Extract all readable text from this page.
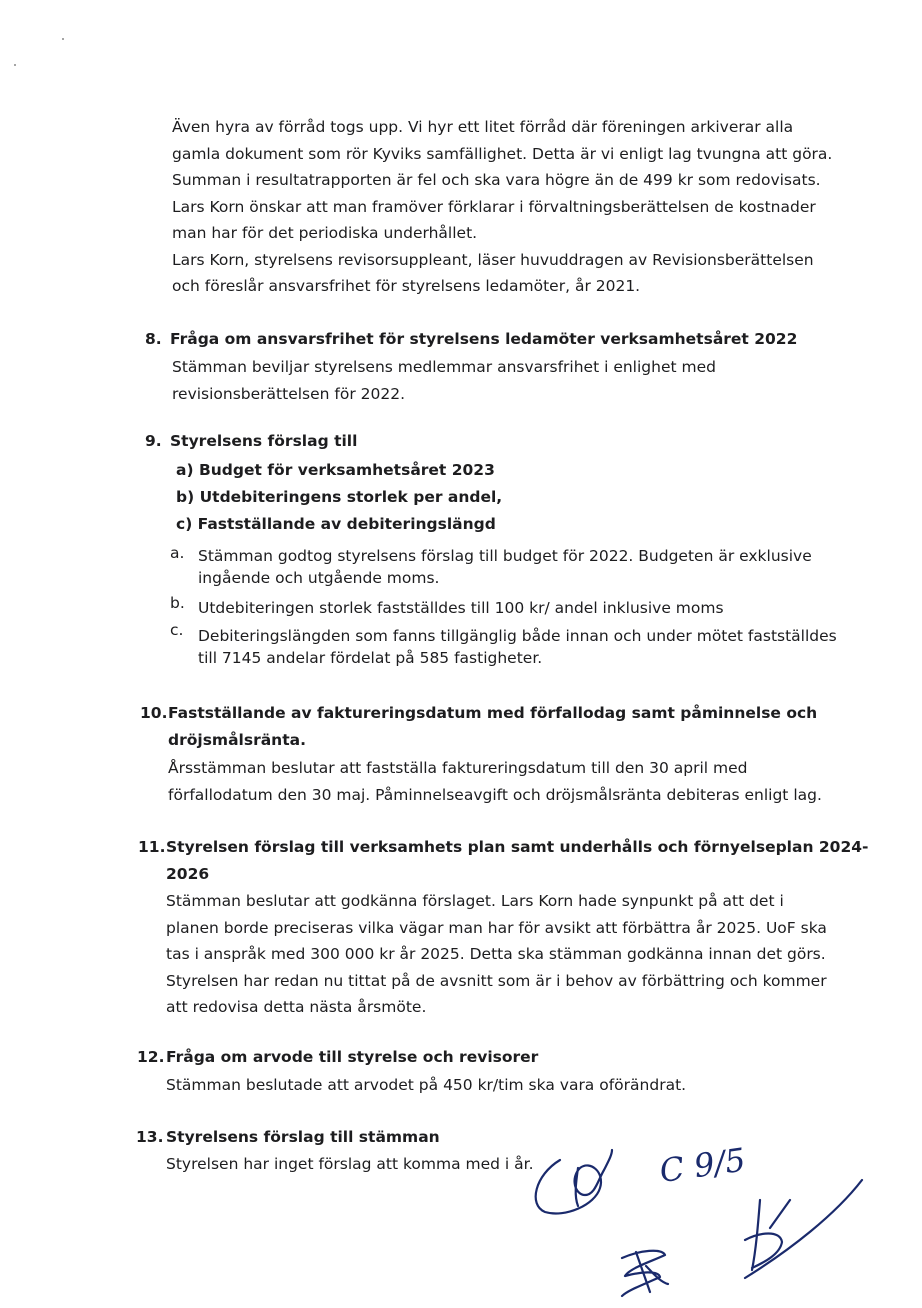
Även hyra av förråd togs upp. Vi hyr ett litet förråd där föreningen arkiverar alla
gamla dokument som rör Kyviks samfällighet. Detta är vi enligt lag tvungna att göra.
Summan i resultatrapporten är fel och ska vara högre än de 499 kr som redovisats.
Lars Korn önskar att man framöver förklarar i förvaltningsberättelsen de kostnader
man har för det periodiska underhållet.
Lars Korn, styrelsens revisorsuppleant, läser huvuddragen av Revisionsberättelsen
och föreslår ansvarsfrihet för styrelsens ledamöter, år 2021.
8. Fråga om ansvarsfrihet för styrelsens ledamöter verksamhetsåret 2022
Stämman beviljar styrelsens medlemmar ansvarsfrihet i enlighet med
revisionsberättelsen för 2022.
9. Styrelsens förslag till
a) Budget för verksamhetsåret 2023
b) Utdebiteringens storlek per andel,
c) Fastställande av debiteringslängd
a. Stämman godtog styrelsens förslag till budget för 2022. Budgeten är exklusive
ingående och utgående moms.
b. Utdebiteringen storlek fastställdes till 100 kr/ andel inklusive moms
c. Debiteringslängden som fanns tillgänglig både innan och under mötet fastställdes
till 7145 andelar fördelat på 585 fastigheter.
10. Fastställande av faktureringsdatum med förfallodag samt påminnelse och
dröjsmålsränta.
Årsstämman beslutar att fastställa faktureringsdatum till den 30 april med
förfallodatum den 30 maj. Påminnelseavgift och dröjsmålsränta debiteras enligt lag.
11. Styrelsen förslag till verksamhets plan samt underhålls och förnyelseplan 2024-
2026
Stämman beslutar att godkänna förslaget. Lars Korn hade synpunkt på att det i
planen borde preciseras vilka vägar man har för avsikt att förbättra år 2025. UoF ska
tas i anspråk med 300 000 kr år 2025. Detta ska stämman godkänna innan det görs.
Styrelsen har redan nu tittat på de avsnitt som är i behov av förbättring och kommer
att redovisa detta nästa årsmöte.
12. Fråga om arvode till styrelse och revisorer
Stämman beslutade att arvodet på 450 kr/tim ska vara oförändrat.
13. Styrelsens förslag till stämman
Styrelsen har inget förslag att komma med i år.	C 9/5
